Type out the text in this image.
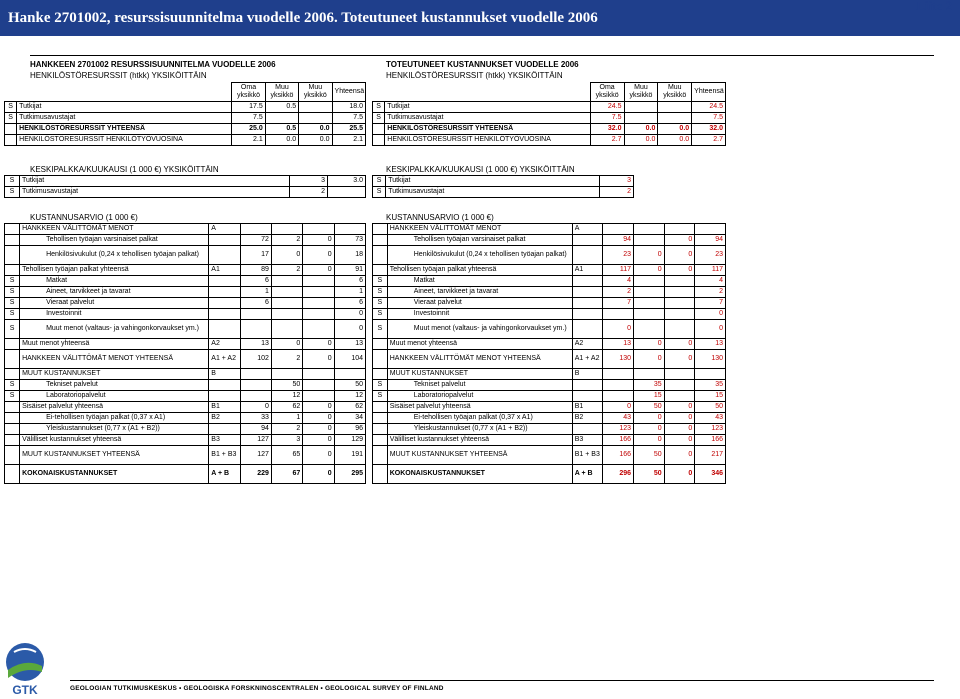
Hanke 2701002, resurssisuunnitelma vuodelle 2006. Toteutuneet kustannukset vuodelle 2006
Liite 2
HANKKEEN 2701002 RESURSSISUUNNITELMA VUODELLE 2006
HENKILÖSTÖRESURSSIT (htkk) YKSIKÖITTÄIN
TOTEUTUNEET KUSTANNUKSET VUODELLE 2006
HENKILÖSTÖRESURSSIT (htkk) YKSIKÖITTÄIN
		Oma yksikkö	Muu yksikkö	Muu yksikkö	Yhteensä
S	Tutkijat	17.5	0.5		18.0
S	Tutkimusavustajat	7.5			7.5
	HENKILÖSTÖRESURSSIT YHTEENSÄ	25.0	0.5	0.0	25.5
	HENKILÖSTÖRESURSSIT HENKILÖTYÖVUOSINA	2.1	0.0	0.0	2.1
		Oma yksikkö	Muu yksikkö	Muu yksikkö	Yhteensä
S	Tutkijat	24.5			24.5
S	Tutkimusavustajat	7.5			7.5
	HENKILÖSTÖRESURSSIT YHTEENSÄ	32.0	0.0	0.0	32.0
	HENKILÖSTÖRESURSSIT HENKILÖTYÖVUOSINA	2.7	0.0	0.0	2.7
KESKIPALKKA/KUUKAUSI (1 000 €) YKSIKÖITTÄIN	KESKIPALKKA/KUUKAUSI (1 000 €) YKSIKÖITTÄIN
S	Tutkijat	3	3.0
S	Tutkimusavustajat	2	
S	Tutkijat	3
S	Tutkimusavustajat	2
KUSTANNUSARVIO (1 000 €)	KUSTANNUSARVIO (1 000 €)
	HANKKEEN VÄLITTÖMÄT MENOT	A				
	Tehollisen työajan varsinaiset palkat		72	2	0	73
	Henkilösivukulut (0,24 x tehollisen työajan palkat)		17	0	0	18
	Tehollisen työajan palkat yhteensä	A1	89	2	0	91
S	Matkat		6			6
S	Aineet, tarvikkeet ja tavarat		1			1
S	Vieraat palvelut		6			6
S	Investoinnit					0
S	Muut menot (valtaus- ja vahingonkorvaukset ym.)					0
	Muut menot yhteensä	A2	13	0	0	13
	HANKKEEN VÄLITTÖMÄT MENOT YHTEENSÄ	A1 + A2	102	2	0	104
	MUUT KUSTANNUKSET	B				
S	Tekniset palvelut			50		50
S	Laboratoriopalvelut			12		12
	Sisäiset palvelut yhteensä	B1	0	62	0	62
	Ei-tehollisen työajan palkat (0,37 x A1)	B2	33	1	0	34
	Yleiskustannukset (0,77 x (A1 + B2))		94	2	0	96
	Välilliset kustannukset yhteensä	B3	127	3	0	129
	MUUT KUSTANNUKSET YHTEENSÄ	B1 + B3	127	65	0	191
	KOKONAISKUSTANNUKSET	A + B	229	67	0	295
	HANKKEEN VÄLITTÖMÄT MENOT	A				
	Tehollisen työajan varsinaiset palkat		94		0	94
	Henkilösivukulut (0,24 x tehollisen työajan palkat)		23	0	0	23
	Tehollisen työajan palkat yhteensä	A1	117	0	0	117
S	Matkat		4			4
S	Aineet, tarvikkeet ja tavarat		2			2
S	Vieraat palvelut		7			7
S	Investoinnit					0
S	Muut menot (valtaus- ja vahingonkorvaukset ym.)		0			0
	Muut menot yhteensä	A2	13	0	0	13
	HANKKEEN VÄLITTÖMÄT MENOT YHTEENSÄ	A1 + A2	130	0	0	130
	MUUT KUSTANNUKSET	B				
S	Tekniset palvelut			35		35
S	Laboratoriopalvelut			15		15
	Sisäiset palvelut yhteensä	B1	0	50	0	50
	Ei-tehollisen työajan palkat (0,37 x A1)	B2	43	0	0	43
	Yleiskustannukset (0,77 x (A1 + B2))		123	0	0	123
	Välilliset kustannukset yhteensä	B3	166	0	0	166
	MUUT KUSTANNUKSET YHTEENSÄ	B1 + B3	166	50	0	217
	KOKONAISKUSTANNUKSET	A + B	296	50	0	346
GTK	GEOLOGIAN TUTKIMUSKESKUS • GEOLOGISKA FORSKNINGSCENTRALEN • GEOLOGICAL SURVEY OF FINLAND
